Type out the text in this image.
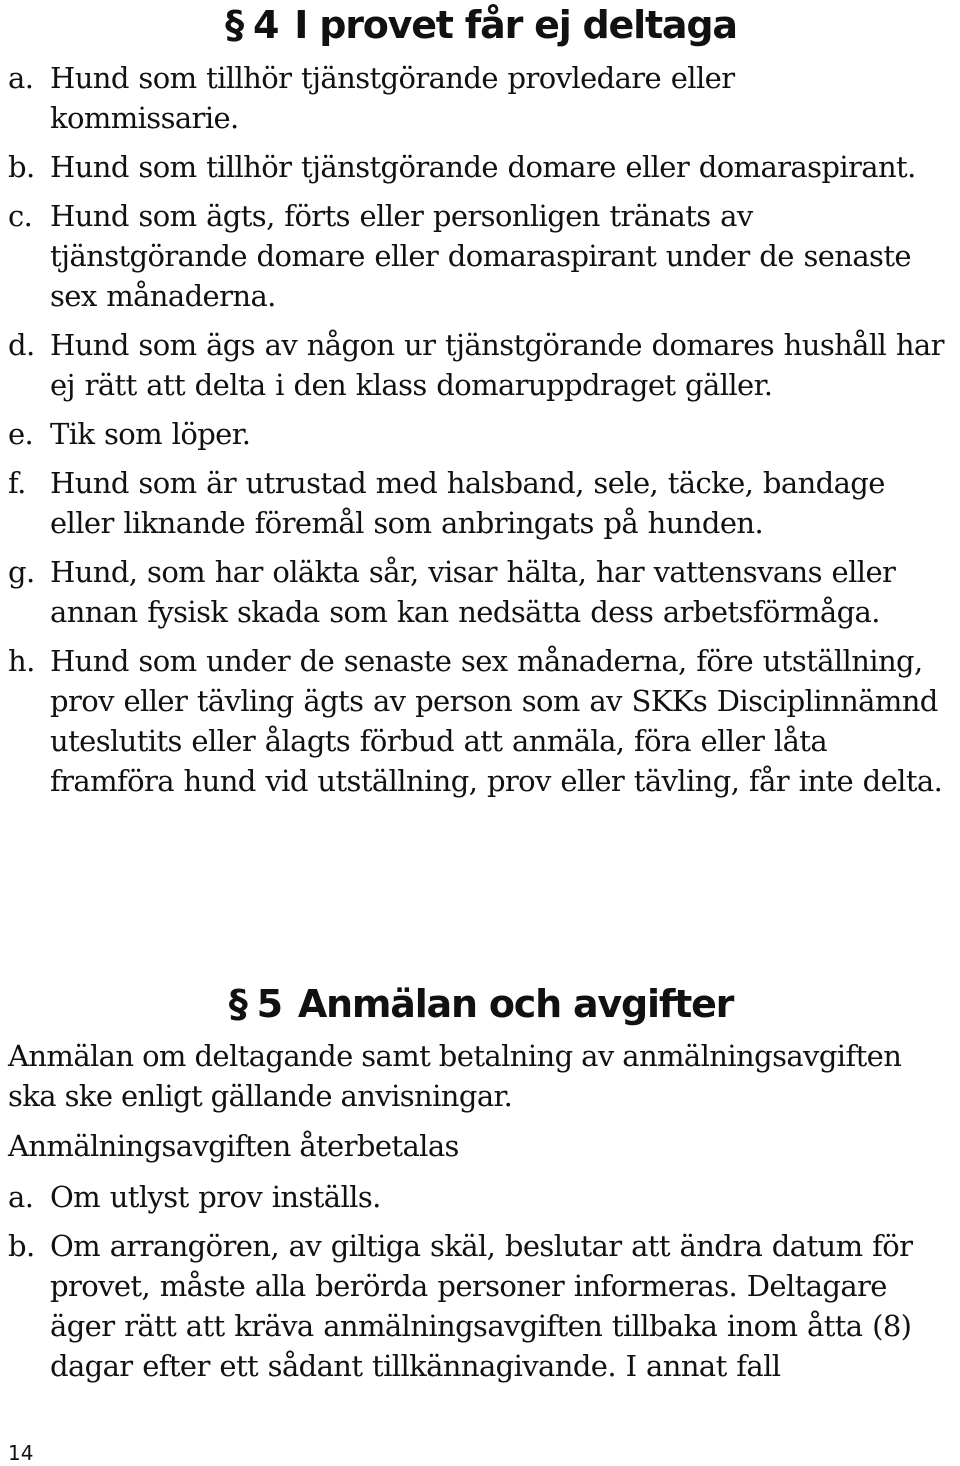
§ 4 I provet får ej deltaga
a. Hund som tillhör tjänstgörande provledare eller kommissarie.
b. Hund som tillhör tjänstgörande domare eller domaraspirant.
c. Hund som ägts, förts eller personligen tränats av tjänstgörande domare eller domaraspirant under de senaste sex månaderna.
d. Hund som ägs av någon ur tjänstgörande domares hushåll har ej rätt att delta i den klass domaruppdraget gäller.
e. Tik som löper.
f. Hund som är utrustad med halsband, sele, täcke, bandage eller liknande föremål som anbringats på hunden.
g. Hund, som har oläkta sår, visar hälta, har vattensvans eller annan fysisk skada som kan nedsätta dess arbetsförmåga.
h. Hund som under de senaste sex månaderna, före utställning, prov eller tävling ägts av person som av SKKs Disciplinnämnd uteslutits eller ålagts förbud att anmäla, föra eller låta framföra hund vid utställning, prov eller tävling, får inte delta.
§ 5 Anmälan och avgifter

Anmälan om deltagande samt betalning av anmälningsavgiften ska ske enligt gällande anvisningar.

Anmälningsavgiften återbetalas

a. Om utlyst prov inställs.
b. Om arrangören, av giltiga skäl, beslutar att ändra datum för provet, måste alla berörda personer informeras. Deltagare äger rätt att kräva anmälningsavgiften tillbaka inom åtta (8) dagar efter ett sådant tillkännagivande. I annat fall
14
